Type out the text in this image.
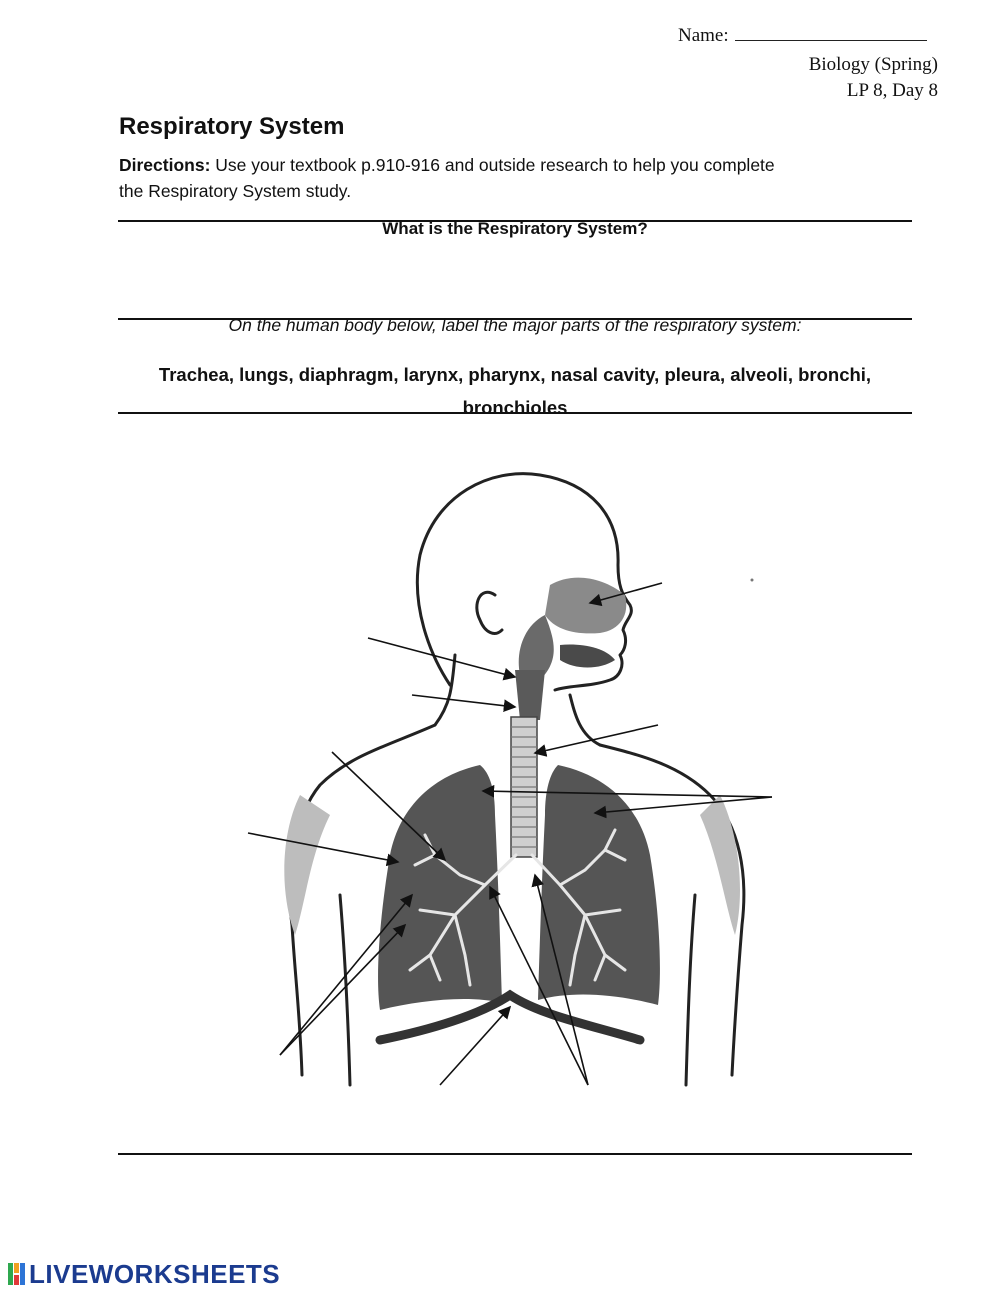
Name:
Biology (Spring)
LP 8, Day 8
Respiratory System
Directions: Use your textbook p.910-916 and outside research to help you complete the Respiratory System study.
What is the Respiratory System?
On the human body below, label the major parts of the respiratory system:
Trachea, lungs, diaphragm, larynx, pharynx, nasal cavity, pleura, alveoli, bronchi, bronchioles
LIVEWORKSHEETS
